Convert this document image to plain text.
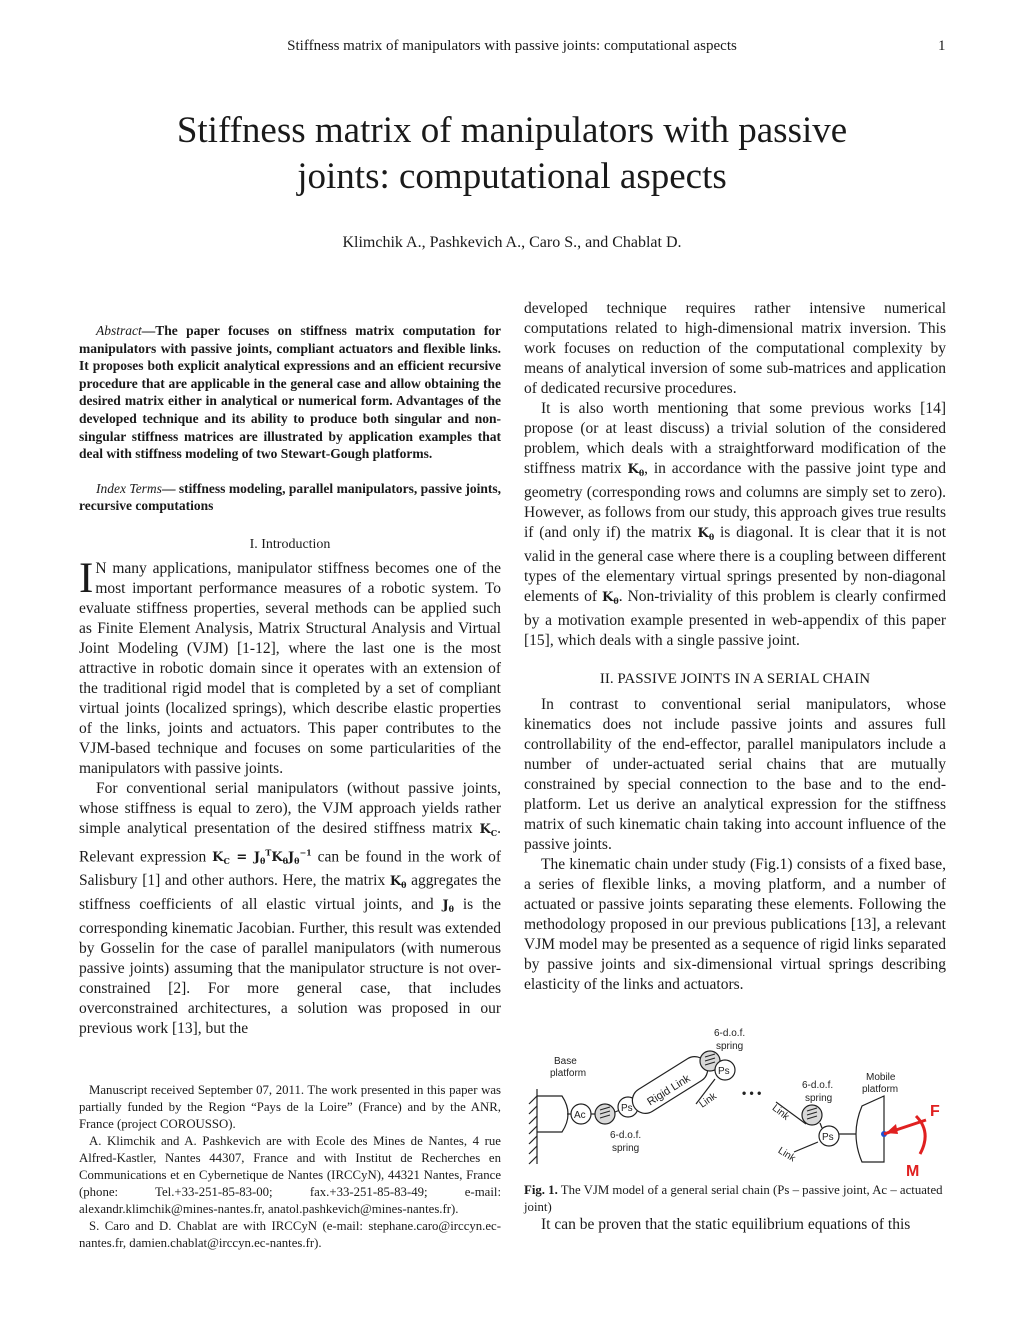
Stiffness matrix of manipulators with passive joints: computational aspects	1
Stiffness matrix of manipulators with passive
joints: computational aspects
Klimchik A., Pashkevich A., Caro S., and Chablat D.

Abstract—The paper focuses on stiffness matrix computation for manipulators with passive joints, compliant actuators and flexible links. It proposes both explicit analytical expressions and an efficient recursive procedure that are applicable in the general case and allow obtaining the desired matrix either in analytical or numerical form. Advantages of the developed technique and its ability to produce both singular and non-singular stiffness matrices are illustrated by application examples that deal with stiffness modeling of two Stewart-Gough platforms.

Index Terms— stiffness modeling, parallel manipulators, passive joints, recursive computations

I. Introduction

I N many applications, manipulator stiffness becomes one of the most important performance measures of a robotic system. To evaluate stiffness properties, several methods can be applied such as Finite Element Analysis, Matrix Structural Analysis and Virtual Joint Modeling (VJM) [1-12], where the last one is the most attractive in robotic domain since it operates with an extension of the traditional rigid model that is completed by a set of compliant virtual joints (localized springs), which describe elastic properties of the links, joints and actuators. This paper contributes to the VJM-based technique and focuses on some particularities of the manipulators with passive joints.

For conventional serial manipulators (without passive joints, whose stiffness is equal to zero), the VJM approach yields rather simple analytical presentation of the desired stiffness matrix $K_C$. Relevant expression $K_C = J_\theta^TK_\theta J_\theta^{-1}$ can be found in the work of Salisbury [1] and other authors. Here, the matrix $K_\theta$ aggregates the stiffness coefficients of all elastic virtual joints, and $J_\theta$ is the corresponding kinematic Jacobian. Further, this result was extended by Gosselin for the case of parallel manipulators (with numerous passive joints) assuming that the manipulator structure is not over-constrained [2]. For more general case, that includes overconstrained architectures, a solution was proposed in our previous work [13], but the

Manuscript received September 07, 2011. The work presented in this paper was partially funded by the Region “Pays de la Loire” (France) and by the ANR, France (project COROUSSO).

A. Klimchik and A. Pashkevich are with Ecole des Mines de Nantes, 4 rue Alfred-Kastler, Nantes 44307, France and with Institut de Recherches en Communications et en Cybernetique de Nantes (IRCCyN), 44321 Nantes, France (phone: Tel.+33-251-85-83-00; fax.+33-251-85-83-49; e-mail: alexandr.klimchik@mines-nantes.fr, anatol.pashkevich@mines-nantes.fr).

S. Caro and D. Chablat are with IRCCyN (e-mail: stephane.caro@irccyn.ec-nantes.fr, damien.chablat@irccyn.ec-nantes.fr).

developed technique requires rather intensive numerical computations related to high-dimensional matrix inversion. This work focuses on reduction of the computational complexity by means of analytical inversion of some sub-matrices and application of dedicated recursive procedures.

It is also worth mentioning that some previous works [14] propose (or at least discuss) a trivial solution of the considered problem, which deals with a straightforward modification of the stiffness matrix $K_\theta$, in accordance with the passive joint type and geometry (corresponding rows and columns are simply set to zero). However, as follows from our study, this approach gives true results if (and only if) the matrix $K_\theta$ is diagonal. It is clear that it is not valid in the general case where there is a coupling between different types of the elementary virtual springs presented by non-diagonal elements of $K_\theta$. Non-triviality of this problem is clearly confirmed by a motivation example presented in web-appendix of this paper [15], which deals with a single passive joint.

II. PASSIVE JOINTS IN A SERIAL CHAIN

In contrast to conventional serial manipulators, whose kinematics does not include passive joints and assures full controllability of the end-effector, parallel manipulators include a number of under-actuated serial chains that are mutually constrained by special connection to the base and to the end-platform. Let us derive an analytical expression for the stiffness matrix of such kinematic chain taking into account influence of the passive joints.

The kinematic chain under study (Fig.1) consists of a fixed base, a series of flexible links, a moving platform, and a number of actuated or passive joints separating these elements. Following the methodology proposed in our previous publications [13], a relevant VJM model may be presented as a sequence of rigid links separated by passive joints and six-dimensional virtual springs describing elasticity of the links and actuators.

Base
platform
Ac
Ps
Rigid Link
Ps
Link • • •
Link
Ps
Link
6-d.o.f.
spring
6-d.o.f.
spring
6-d.o.f.
spring
Mobile
platform
F
M
Fig. 1. The VJM model of a general serial chain (Ps – passive joint, Ac – actuated joint)

It can be proven that the static equilibrium equations of this
